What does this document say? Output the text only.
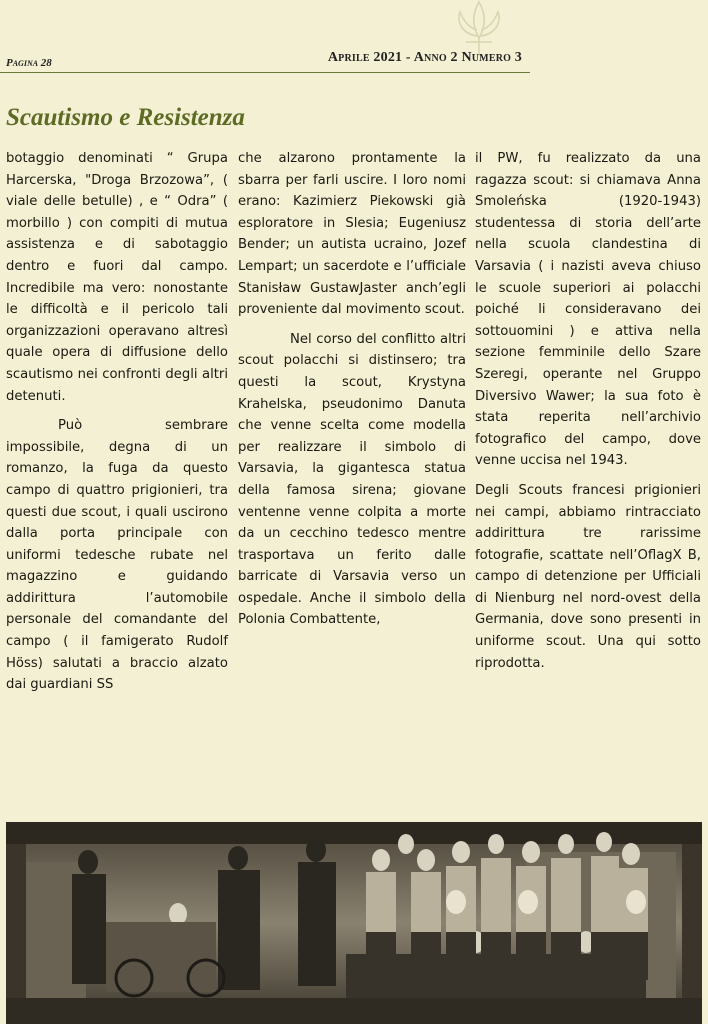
Pagina 28	Aprile 2021 - Anno 2 Numero 3
Scautismo e Resistenza

botaggio denominati “ Grupa Harcerska, "Droga Brzozowa”, ( viale delle betulle) , e “ Odra” ( morbillo ) con compiti di mutua assistenza e di sabotaggio dentro e fuori dal campo. Incredibile ma vero: nonostante le difficoltà e il pericolo tali organizzazioni operavano altresì quale opera di diffusione dello scautismo nei confronti degli altri detenuti.

Può sembrare impossibile, degna di un romanzo, la fuga da questo campo di quattro prigionieri, tra questi due scout, i quali uscirono dalla porta principale con uniformi tedesche rubate nel magazzino e guidando addirittura l’automobile personale del comandante del campo ( il famigerato Rudolf Höss) salutati a braccio alzato dai guardiani SS

che alzarono prontamente la sbarra per farli uscire. I loro nomi erano: Kazimierz Piekowski già esploratore in Slesia; Eugeniusz Bender; un autista ucraino, Jozef Lempart; un sacerdote e l’ufficiale Stanisław GustawJaster anch’egli proveniente dal movimento scout.

Nel corso del conflitto altri scout polacchi si distinsero; tra questi la scout, Krystyna Krahelska, pseudonimo Danuta che venne scelta come modella per realizzare il simbolo di Varsavia, la gigantesca statua della famosa sirena; giovane ventenne venne colpita a morte da un cecchino tedesco mentre trasportava un ferito dalle barricate di Varsavia verso un ospedale. Anche il simbolo della Polonia Combattente,

il PW, fu realizzato da una ragazza scout: si chiamava Anna Smoleńska (1920-1943) studentessa di storia dell’arte nella scuola clandestina di Varsavia ( i nazisti aveva chiuso le scuole superiori ai polacchi poiché li consideravano dei sottouomini ) e attiva nella sezione femminile dello Szare Szeregi, operante nel Gruppo Diversivo Wawer; la sua foto è stata reperita nell’archivio fotografico del campo, dove venne uccisa nel 1943.

Degli Scouts francesi prigionieri nei campi, abbiamo rintracciato addirittura tre rarissime fotografie, scattate nell’OflagX B, campo di detenzione per Ufficiali di Nienburg nel nord-ovest della Germania, dove sono presenti in uniforme scout. Una qui sotto riprodotta.
